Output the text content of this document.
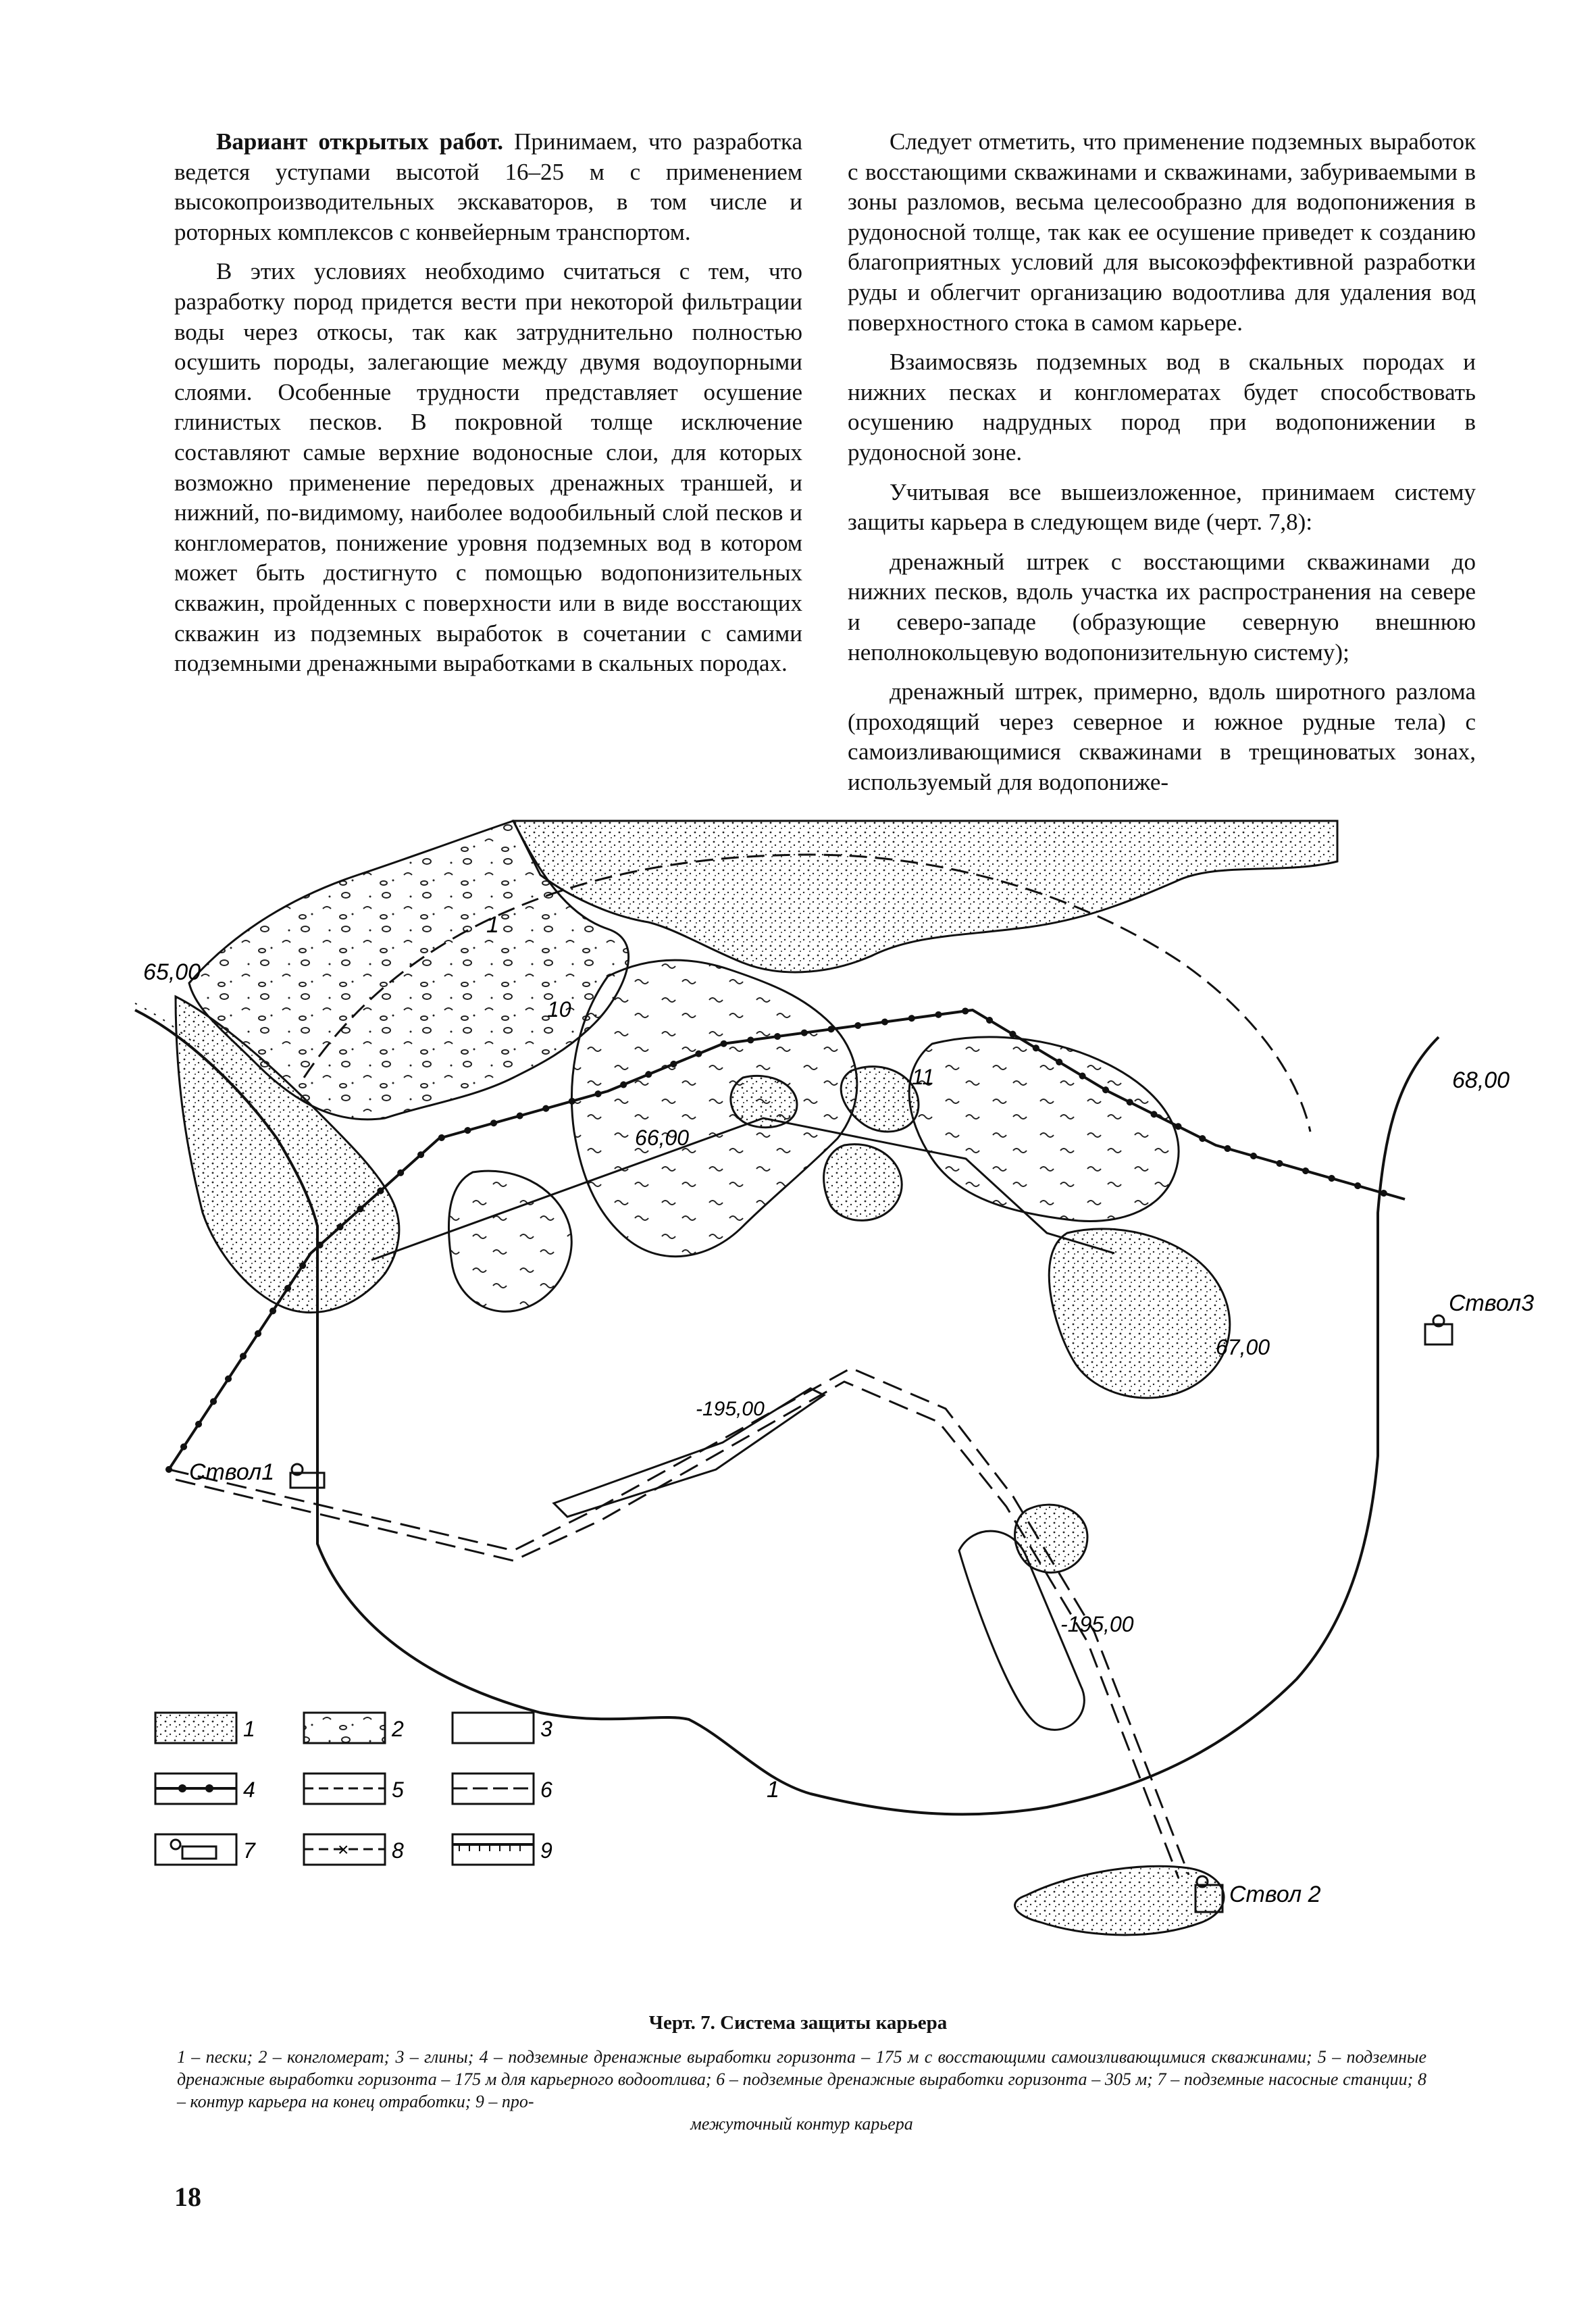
Вариант открытых работ. Принимаем, что разработка ведется уступами высотой 16–25 м с применением высокопроизводительных экскаваторов, в том числе и роторных комплексов с конвейерным транспортом.

В этих условиях необходимо считаться с тем, что разработку пород придется вести при некоторой фильтрации воды через откосы, так как затруднительно полностью осушить породы, залегающие между двумя водоупорными слоями. Особенные трудности представляет осушение глинистых песков. В покровной толще исключение составляют самые верхние водоносные слои, для которых возможно применение передовых дренажных траншей, и нижний, по-видимому, наиболее водообильный слой песков и конгломератов, понижение уровня подземных вод в котором может быть достигнуто с помощью водопонизительных скважин, пройденных с поверхности или в виде восстающих скважин из подземных выработок в сочетании с самими подземными дренажными выработками в скальных породах.

Следует отметить, что применение подземных выработок с восстающими скважинами и скважинами, забуриваемыми в зоны разломов, весьма целесообразно для водопонижения в рудоносной толще, так как ее осушение приведет к созданию благоприятных условий для высокоэффективной разработки руды и облегчит организацию водоотлива для удаления вод поверхностного стока в самом карьере.

Взаимосвязь подземных вод в скальных породах и нижних песках и конгломератах будет способствовать осушению надрудных пород при водопонижении в рудоносной зоне.

Учитывая все вышеизложенное, принимаем систему защиты карьера в следующем виде (черт. 7,8):

дренажный штрек с восстающими скважинами до нижних песков, вдоль участка их распространения на севере и северо-западе (образующие северную внешнюю неполнокольцевую водопонизительную систему);

дренажный штрек, примерно, вдоль широтного разлома (проходящий через северное и южное рудные тела) с самоизливающимися скважинами в трещиноватых зонах, используемый для водопониже-

65,00
68,00
66,00
67,00
-195,00
-195,00
10
11
1
1
Ствол1
Ствол 2
Ствол3
1	2	3
4	5	6
7	× 8	9
Черт. 7. Система защиты карьера
1 – пески; 2 – конгломерат; 3 – глины; 4 – подземные дренажные выработки горизонта – 175 м с восстающими самоизливающимися скважинами; 5 – подземные дренажные выработки горизонта – 175 м для карьерного водоотлива; 6 – подземные дренажные выработки горизонта – 305 м; 7 – подземные насосные станции; 8 – контур карьера на конец отработки; 9 – про-
межуточный контур карьера
18
